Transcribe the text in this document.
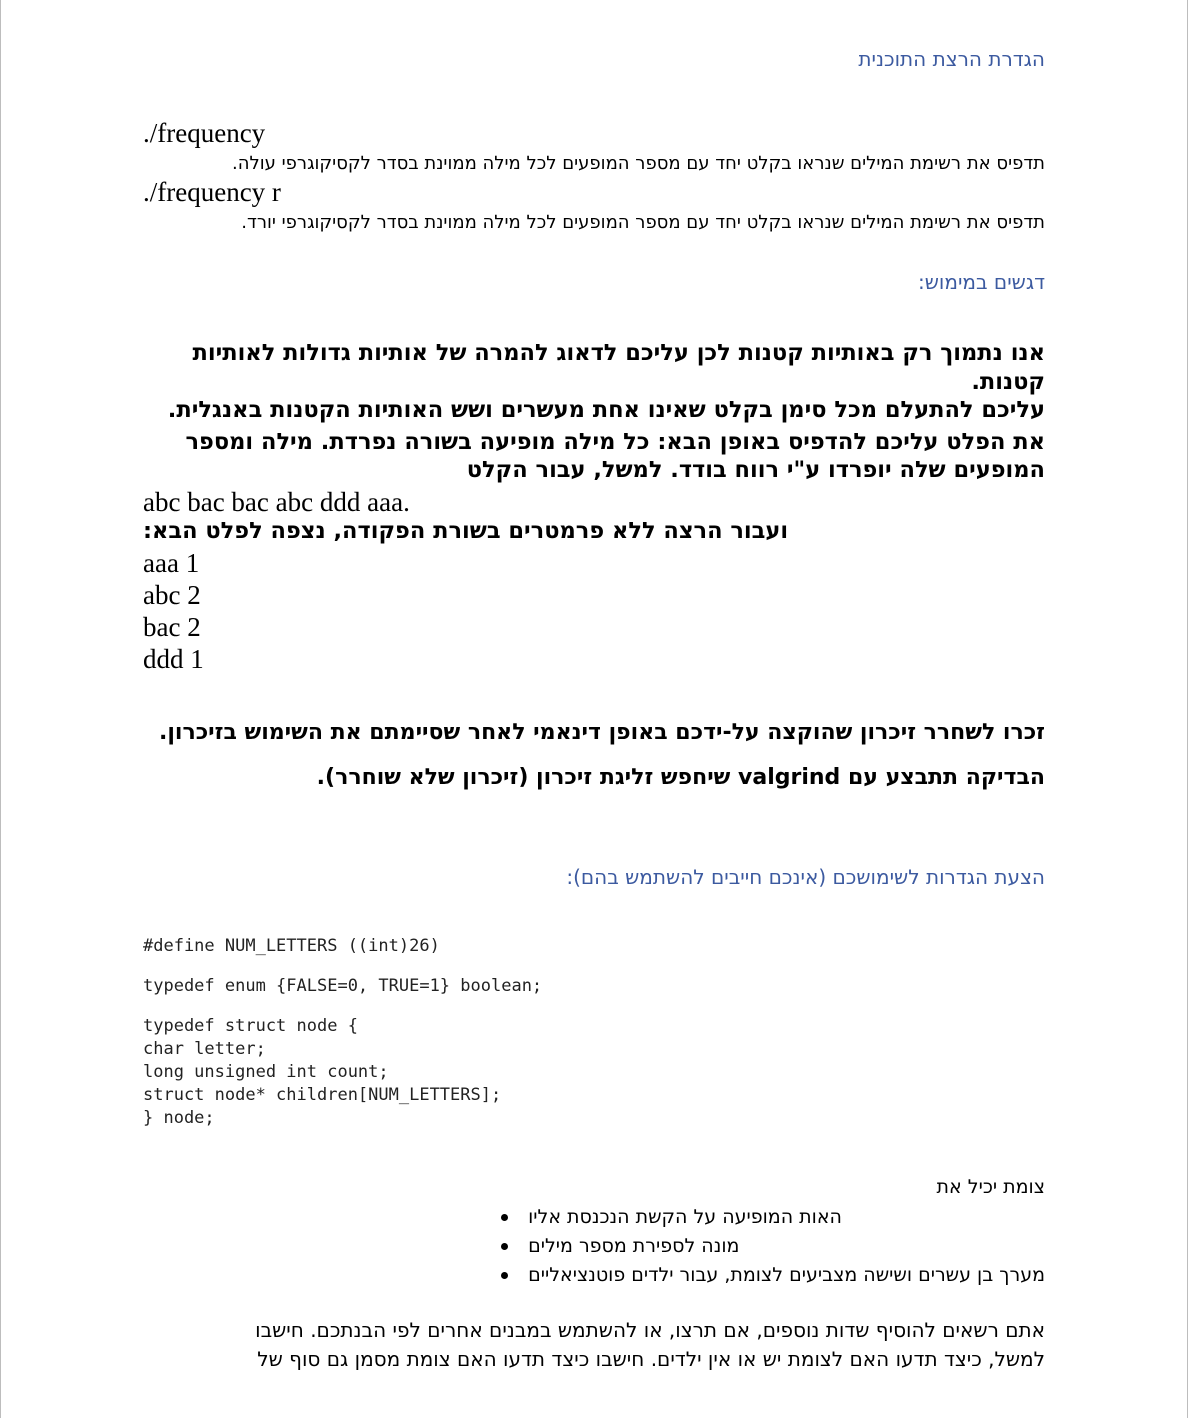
הגדרת הרצת התוכנית
./frequency
תדפיס את רשימת המילים שנראו בקלט יחד עם מספר המופעים לכל מילה ממוינת בסדר לקסיקוגרפי עולה.
./frequency r
תדפיס את רשימת המילים שנראו בקלט יחד עם מספר המופעים לכל מילה ממוינת בסדר לקסיקוגרפי יורד.
דגשים במימוש:
אנו נתמוך רק באותיות קטנות לכן עליכם לדאוג להמרה של אותיות גדולות לאותיות
קטנות.
עליכם להתעלם מכל סימן בקלט שאינו אחת מעשרים ושש האותיות הקטנות באנגלית.
את הפלט עליכם להדפיס באופן הבא: כל מילה מופיעה בשורה נפרדת. מילה ומספר
המופעים שלה יופרדו ע"י רווח בודד. למשל, עבור הקלט
abc bac bac abc ddd aaa.
ועבור הרצה ללא פרמטרים בשורת הפקודה, נצפה לפלט הבא:
aaa 1
abc 2
bac 2
ddd 1
זכרו לשחרר זיכרון שהוקצה על-ידכם באופן דינאמי לאחר שסיימתם את השימוש בזיכרון.
הבדיקה תתבצע עם valgrind שיחפש זליגת זיכרון (זיכרון שלא שוחרר).
הצעת הגדרות לשימושכם (אינכם חייבים להשתמש בהם):
#define NUM_LETTERS ((int)26)
typedef enum {FALSE=0, TRUE=1} boolean;
typedef struct node {
char letter;
long unsigned int count;
struct node* children[NUM_LETTERS];
} node;
צומת יכיל את
האות המופיעה על הקשת הנכנסת אליו
מונה לספירת מספר מילים
מערך בן עשרים ושישה מצביעים לצומת, עבור ילדים פוטנציאליים
אתם רשאים להוסיף שדות נוספים, אם תרצו, או להשתמש במבנים אחרים לפי הבנתכם. חישבו
למשל, כיצד תדעו האם לצומת יש או אין ילדים. חישבו כיצד תדעו האם צומת מסמן גם סוף של
